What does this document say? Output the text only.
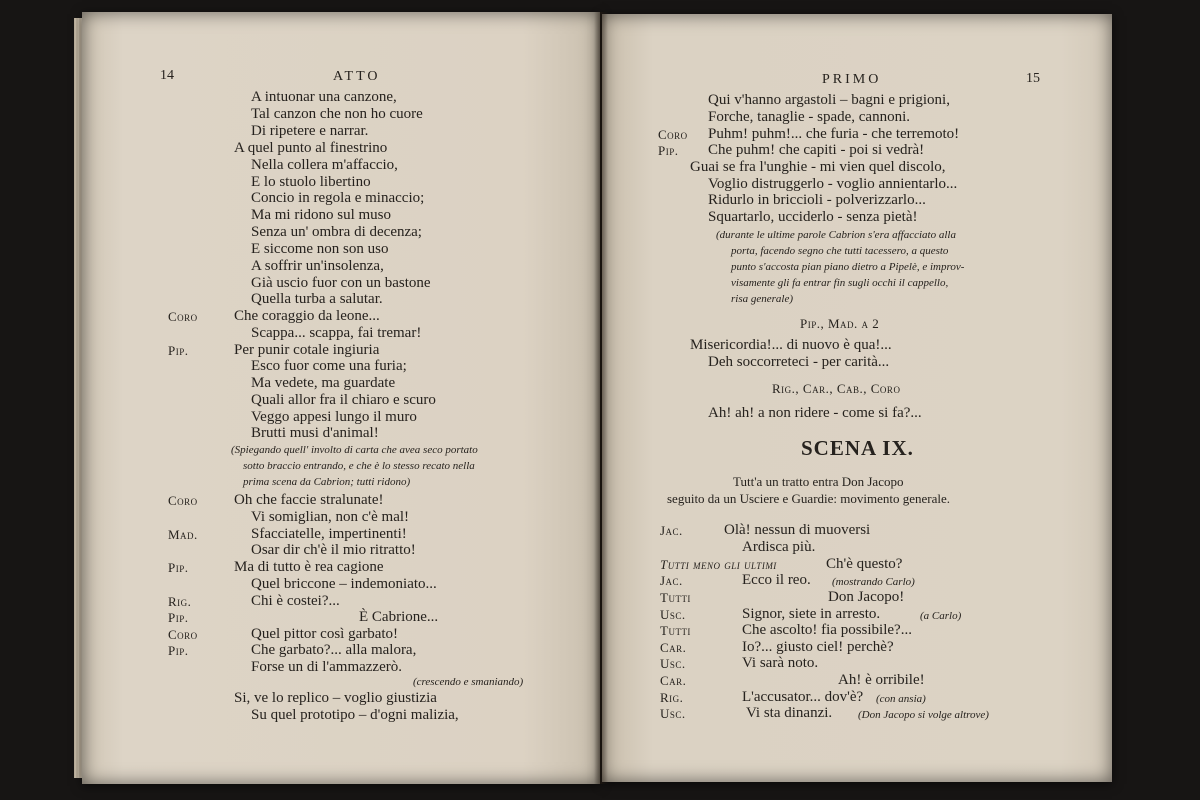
14	ATTO
A intuonar una canzone,
Tal canzon che non ho cuore
Di ripetere e narrar.
A quel punto al finestrino
Nella collera m'affaccio,
E lo stuolo libertino
Concio in regola e minaccio;
Ma mi ridono sul muso
Senza un' ombra di decenza;
E siccome non son uso
A soffrir un'insolenza,
Già uscio fuor con un bastone
Quella turba a salutar.
Coro Che coraggio da leone...
Scappa... scappa, fai tremar!
Pip.	Per punir cotale ingiuria
Esco fuor come una furia;
Ma vedete, ma guardate
Quali allor fra il chiaro e scuro
Veggo appesi lungo il muro
Brutti musi d'animal!
(Spiegando quell' involto di carta che avea seco portato
sotto braccio entrando, e che è lo stesso recato nella
prima scena da Cabrion; tutti ridono)
Coro Oh che faccie stralunate!
Vi somiglian, non c'è mal!
Mad.	Sfacciatelle, impertinenti!
Osar dir ch'è il mio ritratto!
Pip.	Ma di tutto è rea cagione
Quel briccone – indemoniato...
Rig.	Chi è costei?...
Pip.	È Cabrione...
Coro	Quel pittor così garbato!
Pip.	Che garbato?... alla malora,
Forse un di l'ammazzerò.
(crescendo e smaniando)
Si, ve lo replico – voglio giustizia
Su quel prototipo – d'ogni malizia,
PRIMO	15
Qui v'hanno argastoli – bagni e prigioni,
Forche, tanaglie - spade, cannoni.
Coro Puhm! puhm!... che furia - che terremoto!
Pip. Che puhm! che capiti - poi si vedrà!
Guai se fra l'unghie - mi vien quel discolo,
Voglio distruggerlo - voglio annientarlo...
Ridurlo in briccioli - polverizzarlo...
Squartarlo, ucciderlo - senza pietà!
(durante le ultime parole Cabrion s'era affacciato alla
porta, facendo segno che tutti tacessero, a questo
punto s'accosta pian piano dietro a Pipelè, e improv-
visamente gli fa entrar fin sugli occhi il cappello,
risa generale)
Pip., Mad. a 2
Misericordia!... di nuovo è qua!...
Deh soccorreteci - per carità...
Rig., Car., Cab., Coro
Ah! ah! a non ridere - come si fa?...
SCENA IX.
Tutt'a un tratto entra Don Jacopo
seguito da un Usciere e Guardie: movimento generale.
Jac.	Olà! nessun di muoversi
Ardisca più.
Tutti meno gli ultimi	Ch'è questo?
Jac.	Ecco il reo. (mostrando Carlo)
Tutti	Don Jacopo!
Usc.	Signor, siete in arresto.	(a Carlo)
Tutti	Che ascolto! fia possibile?...
Car.	Io?... giusto ciel! perchè?
Usc.	Vi sarà noto.
Car.	Ah! è orribile!
Rig.	L'accusator... dov'è? (con ansia)
Usc.	Vi sta dinanzi. (Don Jacopo si volge altrove)
